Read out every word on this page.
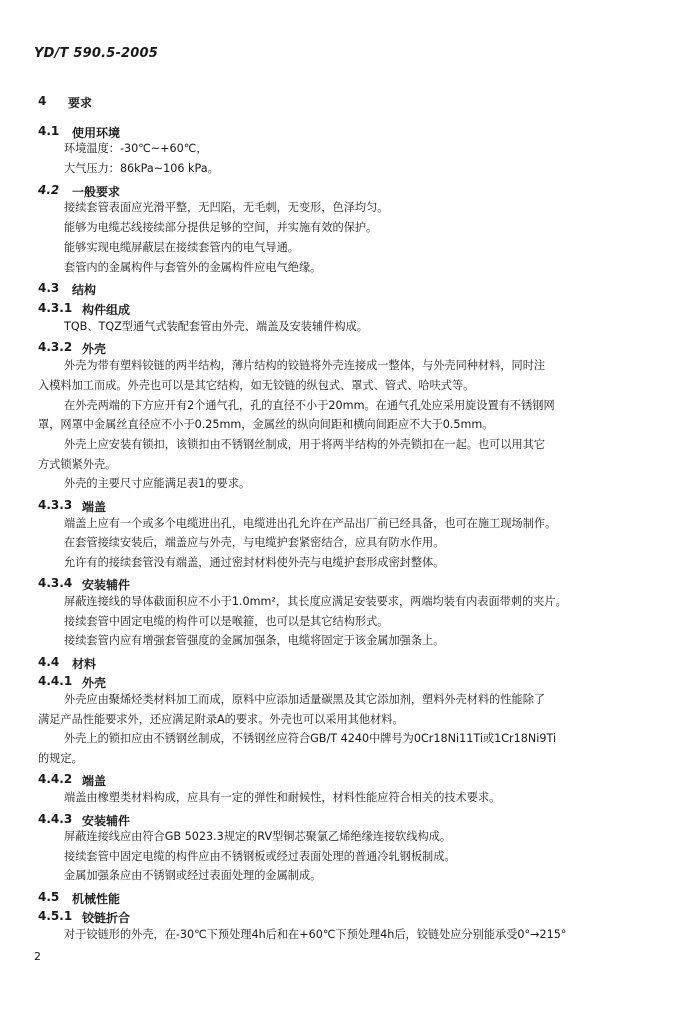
YD/T 590.5-2005
4 要求
4.1 使用环境
环境温度：-30℃~+60℃，
大气压力：86kPa~106 kPa。
4.2 一般要求
接续套管表面应光滑平整，无凹陷，无毛刺，无变形，色泽均匀。
能够为电缆芯线接续部分提供足够的空间，并实施有效的保护。
能够实现电缆屏蔽层在接续套管内的电气导通。
套管内的金属构件与套管外的金属构件应电气绝缘。
4.3 结构
4.3.1 构件组成
TQB、TQZ型通气式装配套管由外壳、端盖及安装辅件构成。
4.3.2 外壳
外壳为带有塑料铰链的两半结构，薄片结构的铰链将外壳连接成一整体，与外壳同种材料，同时注
入模料加工而成。外壳也可以是其它结构，如无铰链的纵包式、罩式、管式、哈呋式等。
在外壳两端的下方应开有2个通气孔，孔的直径不小于20mm。在通气孔处应采用旋设置有不锈钢网
罩，网罩中金属丝直径应不小于0.25mm，金属丝的纵向间距和横向间距应不大于0.5mm。
外壳上应安装有锁扣，该锁扣由不锈钢丝制成，用于将两半结构的外壳锁扣在一起。也可以用其它
方式锁紧外壳。
外壳的主要尺寸应能满足表1的要求。
4.3.3 端盖
端盖上应有一个或多个电缆进出孔，电缆进出孔允许在产品出厂前已经具备，也可在施工现场制作。
在套管接续安装后，端盖应与外壳，与电缆护套紧密结合，应具有防水作用。
允许有的接续套管没有端盖，通过密封材料使外壳与电缆护套形成密封整体。
4.3.4 安装辅件
屏蔽连接线的导体截面积应不小于1.0mm²，其长度应满足安装要求，两端均装有内表面带刺的夹片。
接续套管中固定电缆的构件可以是喉箍，也可以是其它结构形式。
接续套管内应有增强套管强度的金属加强条，电缆将固定于该金属加强条上。
4.4 材料
4.4.1 外壳
外壳应由聚烯烃类材料加工而成，原料中应添加适量碳黑及其它添加剂，塑料外壳材料的性能除了
满足产品性能要求外，还应满足附录A的要求。外壳也可以采用其他材料。
外壳上的锁扣应由不锈钢丝制成，不锈钢丝应符合GB/T 4240中牌号为0Cr18Ni11Ti或1Cr18Ni9Ti
的规定。
4.4.2 端盖
端盖由橡塑类材料构成，应具有一定的弹性和耐候性，材料性能应符合相关的技术要求。
4.4.3 安装辅件
屏蔽连接线应由符合GB 5023.3规定的RV型铜芯聚氯乙烯绝缘连接软线构成。
接续套管中固定电缆的构件应由不锈钢板或经过表面处理的普通冷轧钢板制成。
金属加强条应由不锈钢或经过表面处理的金属制成。
4.5 机械性能
4.5.1 铰链折合
对于铰链形的外壳，在-30℃下预处理4h后和在+60℃下预处理4h后，铰链处应分别能承受0°→215°
2
